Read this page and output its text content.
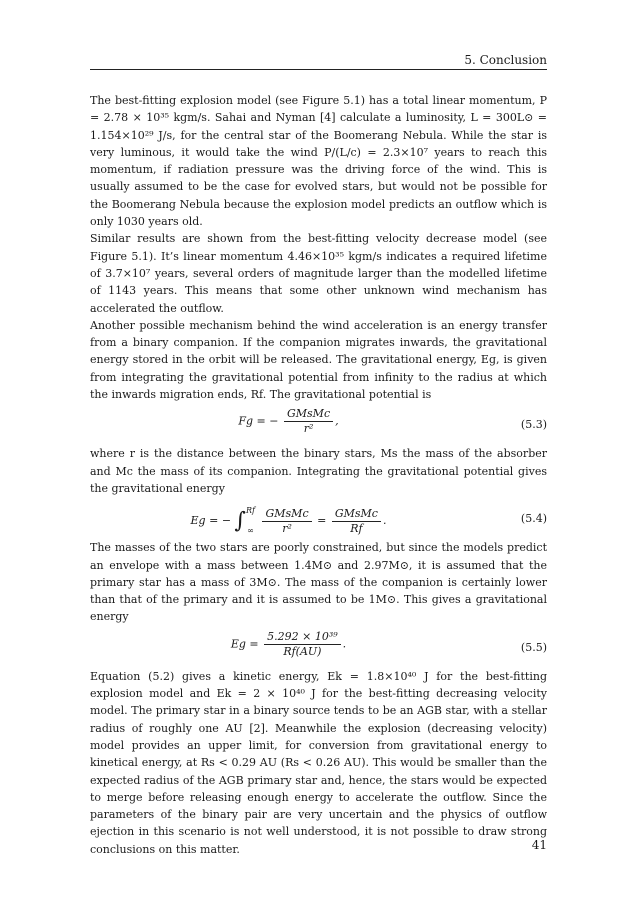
5. Conclusion

The best-fitting explosion model (see Figure 5.1) has a total linear momentum, P = 2.78 × 10³⁵ kgm/s. Sahai and Nyman [4] calculate a luminosity, L = 300L⊙ = 1.154×10²⁹ J/s, for the central star of the Boomerang Nebula. While the star is very luminous, it would take the wind P/(L/c) = 2.3×10⁷ years to reach this momentum, if radiation pressure was the driving force of the wind. This is usually assumed to be the case for evolved stars, but would not be possible for the Boomerang Nebula because the explosion model predicts an outflow which is only 1030 years old.

Similar results are shown from the best-fitting velocity decrease model (see Figure 5.1). It’s linear momentum 4.46×10³⁵ kgm/s indicates a required lifetime of 3.7×10⁷ years, several orders of magnitude larger than the modelled lifetime of 1143 years. This means that some other unknown wind mechanism has accelerated the outflow.

Another possible mechanism behind the wind acceleration is an energy transfer from a binary companion. If the companion migrates inwards, the gravitational energy stored in the orbit will be released. The gravitational energy, Eg, is given from integrating the gravitational potential from infinity to the radius at which the inwards migration ends, Rf. The gravitational potential is

Fg = − $\frac{\text{GMsMc}}{\text{r²}}$ ,	(5.3)

where r is the distance between the binary stars, Ms the mass of the absorber and Mc the mass of its companion. Integrating the gravitational potential gives the gravitational energy

Eg = − ∫ Rf
∞
$\frac{\text{GMsMc}}{\text{r²}} = \frac{\text{GMsMc}}{Rf}$ .	(5.4)

The masses of the two stars are poorly constrained, but since the models predict an envelope with a mass between 1.4M⊙ and 2.97M⊙, it is assumed that the primary star has a mass of 3M⊙. The mass of the companion is certainly lower than that of the primary and it is assumed to be 1M⊙. This gives a gravitational energy

$Eg = \frac{\text{5.292 × 10³⁹}}{Rf(AU)}$ .	(5.5)

Equation (5.2) gives a kinetic energy, Ek = 1.8×10⁴⁰ J for the best-fitting explosion model and Ek = 2 × 10⁴⁰ J for the best-fitting decreasing velocity model. The primary star in a binary source tends to be an AGB star, with a stellar radius of roughly one AU [2]. Meanwhile the explosion (decreasing velocity) model provides an upper limit, for conversion from gravitational energy to kinetical energy, at Rs < 0.29 AU (Rs < 0.26 AU). This would be smaller than the expected radius of the AGB primary star and, hence, the stars would be expected to merge before releasing enough energy to accelerate the outflow. Since the parameters of the binary pair are very uncertain and the physics of outflow ejection in this scenario is not well understood, it is not possible to draw strong conclusions on this matter.	41
